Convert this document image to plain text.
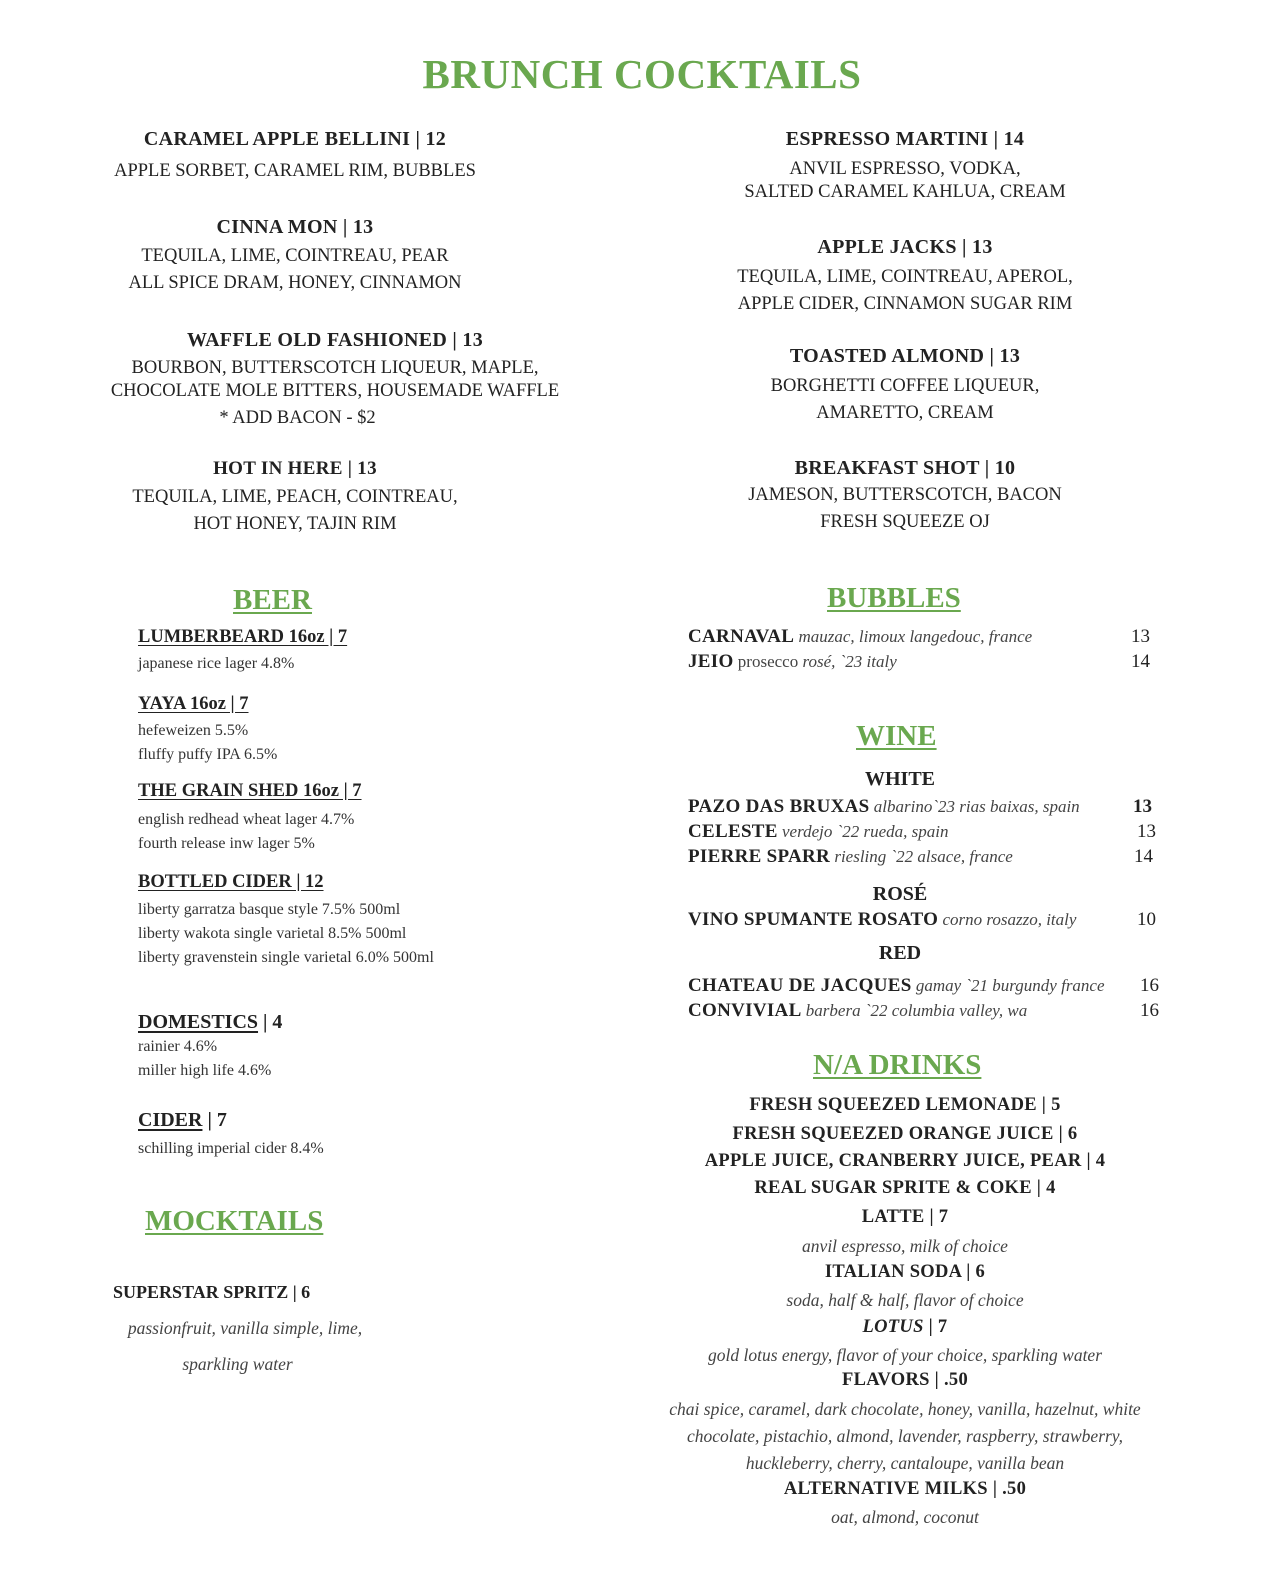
BRUNCH COCKTAILS
CARAMEL APPLE BELLINI | 12
APPLE SORBET, CARAMEL RIM, BUBBLES
CINNA MON | 13
TEQUILA, LIME, COINTREAU, PEAR
ALL SPICE DRAM, HONEY, CINNAMON
WAFFLE OLD FASHIONED | 13
BOURBON, BUTTERSCOTCH LIQUEUR, MAPLE,
CHOCOLATE MOLE BITTERS, HOUSEMADE WAFFLE
* ADD BACON - $2
HOT IN HERE | 13
TEQUILA, LIME, PEACH, COINTREAU,
HOT HONEY, TAJIN RIM
ESPRESSO MARTINI | 14
ANVIL ESPRESSO, VODKA,
SALTED CARAMEL KAHLUA, CREAM
APPLE JACKS | 13
TEQUILA, LIME, COINTREAU, APEROL,
APPLE CIDER, CINNAMON SUGAR RIM
TOASTED ALMOND | 13
BORGHETTI COFFEE LIQUEUR,
AMARETTO, CREAM
BREAKFAST SHOT | 10
JAMESON, BUTTERSCOTCH, BACON
FRESH SQUEEZE OJ
BEER
LUMBERBEARD 16oz | 7
japanese rice lager 4.8%
YAYA 16oz | 7
hefeweizen 5.5%
fluffy puffy IPA 6.5%
THE GRAIN SHED 16oz | 7
english redhead wheat lager 4.7%
fourth release inw lager 5%
BOTTLED CIDER | 12
liberty garratza basque style 7.5% 500ml
liberty wakota single varietal 8.5% 500ml
liberty gravenstein single varietal 6.0% 500ml
DOMESTICS | 4
rainier 4.6%
miller high life 4.6%
CIDER | 7
schilling imperial cider 8.4%
MOCKTAILS
SUPERSTAR SPRITZ | 6
passionfruit, vanilla simple, lime,
sparkling water
BUBBLES
CARNAVAL mauzac, limoux langedouc, france	13
JEIO prosecco rosé, `23 italy	14
WINE
WHITE
PAZO DAS BRUXAS albarino`23 rias baixas, spain	13
CELESTE verdejo `22 rueda, spain	13
PIERRE SPARR riesling `22 alsace, france	14
ROSÉ
VINO SPUMANTE ROSATO corno rosazzo, italy	10
RED
CHATEAU DE JACQUES gamay `21 burgundy france	16
CONVIVIAL barbera `22 columbia valley, wa	16
N/A DRINKS
FRESH SQUEEZED LEMONADE | 5
FRESH SQUEEZED ORANGE JUICE | 6
APPLE JUICE, CRANBERRY JUICE, PEAR | 4
REAL SUGAR SPRITE & COKE | 4
LATTE | 7
anvil espresso, milk of choice
ITALIAN SODA | 6
soda, half & half, flavor of choice
LOTUS | 7
gold lotus energy, flavor of your choice, sparkling water
FLAVORS | .50
chai spice, caramel, dark chocolate, honey, vanilla, hazelnut, white
chocolate, pistachio, almond, lavender, raspberry, strawberry,
huckleberry, cherry, cantaloupe, vanilla bean
ALTERNATIVE MILKS | .50
oat, almond, coconut
